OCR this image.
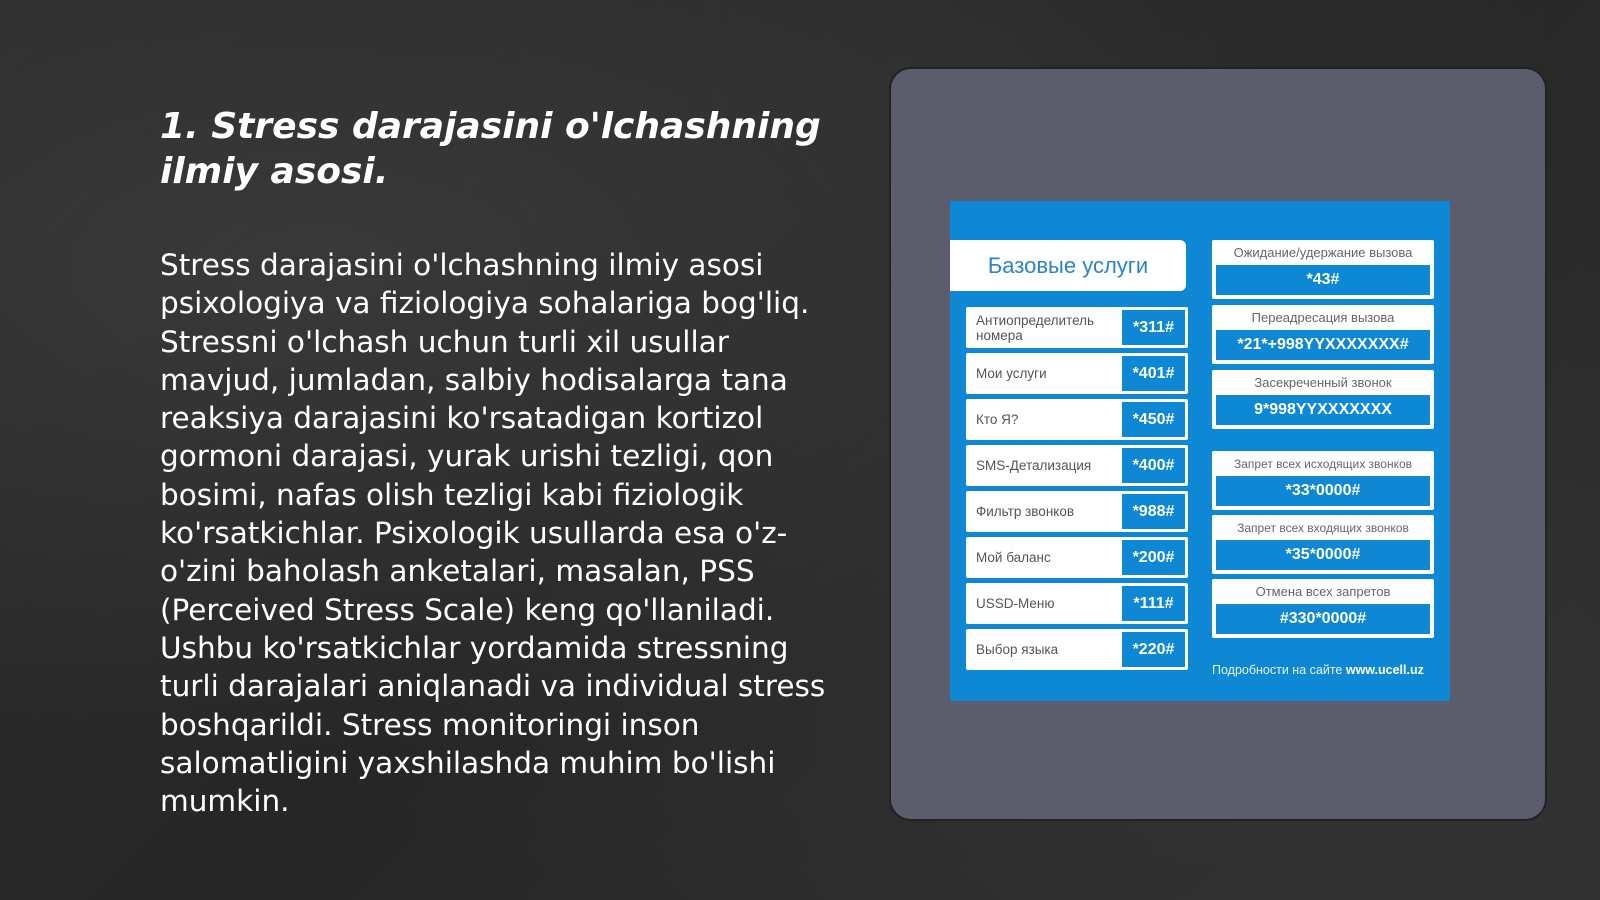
1. Stress darajasini o'lchashning ilmiy asosi.

Stress darajasini o'lchashning ilmiy asosi psixologiya va fiziologiya sohalariga bog'liq. Stressni o'lchash uchun turli xil usullar mavjud, jumladan, salbiy hodisalarga tana reaksiya darajasini ko'rsatadigan kortizol gormoni darajasi, yurak urishi tezligi, qon bosimi, nafas olish tezligi kabi fiziologik ko'rsatkichlar. Psixologik usullarda esa o'z-o'zini baholash anketalari, masalan, PSS (Perceived Stress Scale) keng qo'llaniladi. Ushbu ko'rsatkichlar yordamida stressning turli darajalari aniqlanadi va individual stress boshqarildi. Stress monitoringi inson salomatligini yaxshilashda muhim bo'lishi mumkin.

Базовые услуги
Антиопределитель номера	*311#
Мои услуги	*401#
Кто Я?	*450#
SMS-Детализация	*400#
Фильтр звонков	*988#
Мой баланс	*200#
USSD-Меню	*111#
Выбор языка	*220#
Ожидание/удержание вызова
*43#
Переадресация вызова
*21*+998YYXXXXXXX#
Засекреченный звонок
9*998YYXXXXXXX
Запрет всех исходящих звонков
*33*0000#
Запрет всех входящих звонков
*35*0000#
Отмена всех запретов
#330*0000#
Подробности на сайте www.ucell.uz
